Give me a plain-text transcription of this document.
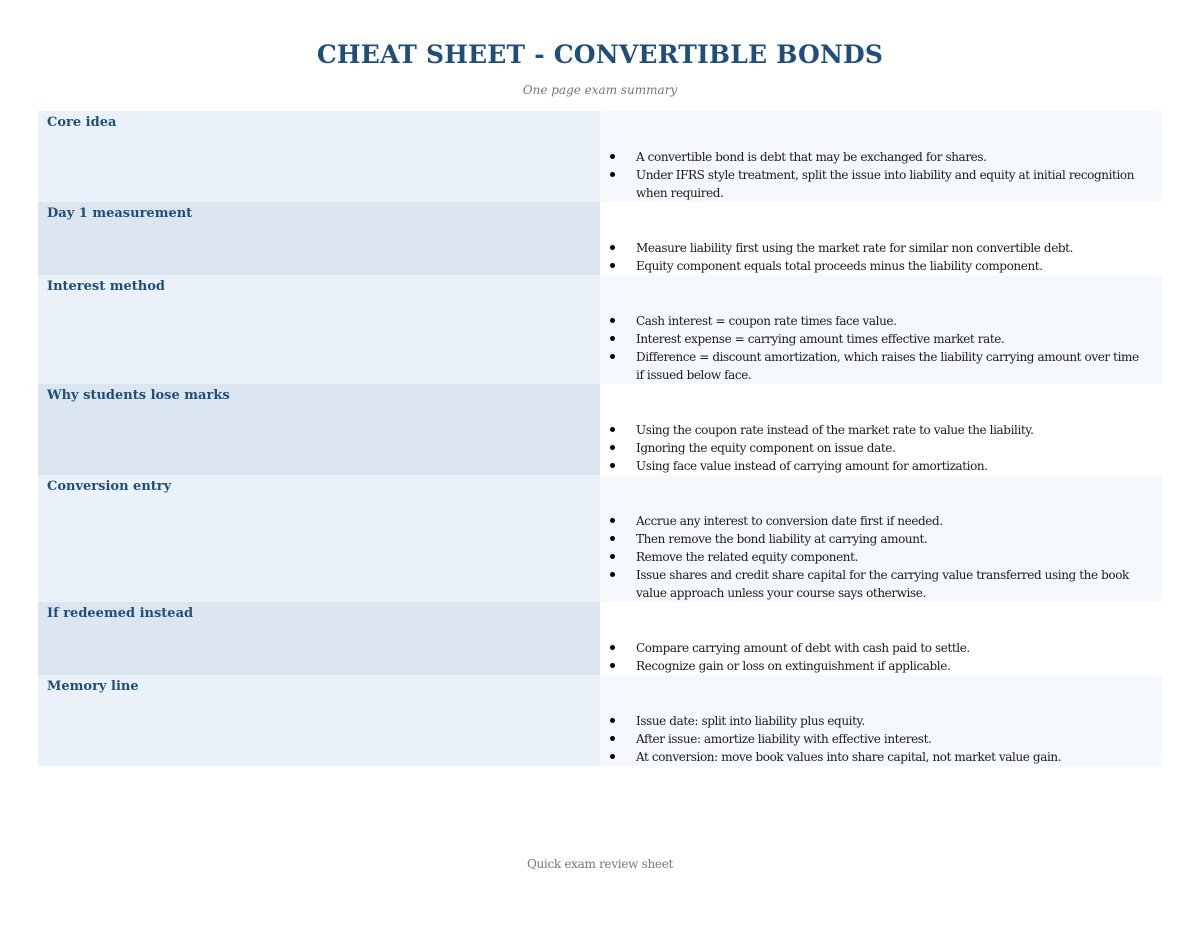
CHEAT SHEET - CONVERTIBLE BONDS
One page exam summary
Core idea
A convertible bond is debt that may be exchanged for shares.
Under IFRS style treatment, split the issue into liability and equity at initial recognition when required.
Day 1 measurement
Measure liability first using the market rate for similar non convertible debt.
Equity component equals total proceeds minus the liability component.
Interest method
Cash interest = coupon rate times face value.
Interest expense = carrying amount times effective market rate.
Difference = discount amortization, which raises the liability carrying amount over time if issued below face.
Why students lose marks
Using the coupon rate instead of the market rate to value the liability.
Ignoring the equity component on issue date.
Using face value instead of carrying amount for amortization.
Conversion entry
Accrue any interest to conversion date first if needed.
Then remove the bond liability at carrying amount.
Remove the related equity component.
Issue shares and credit share capital for the carrying value transferred using the book value approach unless your course says otherwise.
If redeemed instead
Compare carrying amount of debt with cash paid to settle.
Recognize gain or loss on extinguishment if applicable.
Memory line
Issue date: split into liability plus equity.
After issue: amortize liability with effective interest.
At conversion: move book values into share capital, not market value gain.
Quick exam review sheet
